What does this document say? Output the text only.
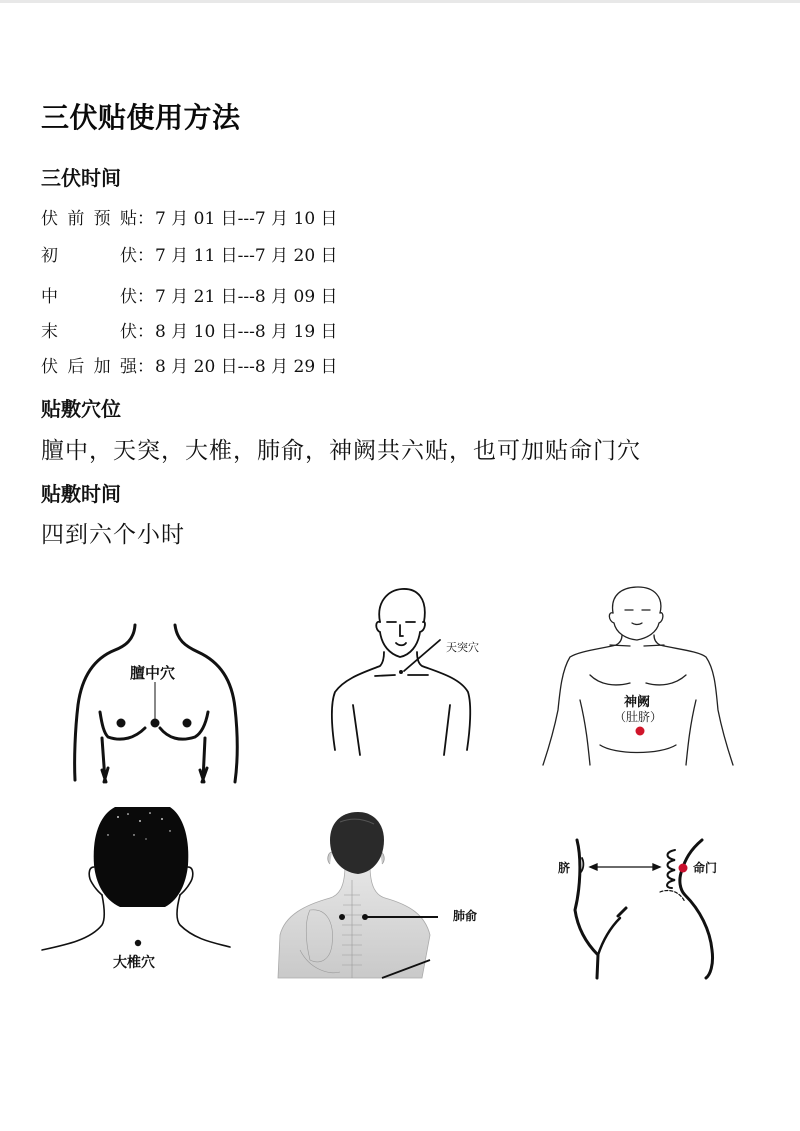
三伏贴使用方法
三伏时间
伏前预贴 ： 7 月 01 日---7 月 10 日
初伏 ： 7 月 11 日---7 月 20 日
中伏 ： 7 月 21 日---8 月 09 日
末伏 ： 8 月 10 日---8 月 19 日
伏后加强 ： 8 月 20 日---8 月 29 日
贴敷穴位
膻中，天突，大椎，肺俞，神阙共六贴，也可加贴命门穴
贴敷时间
四到六个小时
膻中穴
天突穴
神阙
（肚脐）
大椎穴
肺俞
脐	命门
